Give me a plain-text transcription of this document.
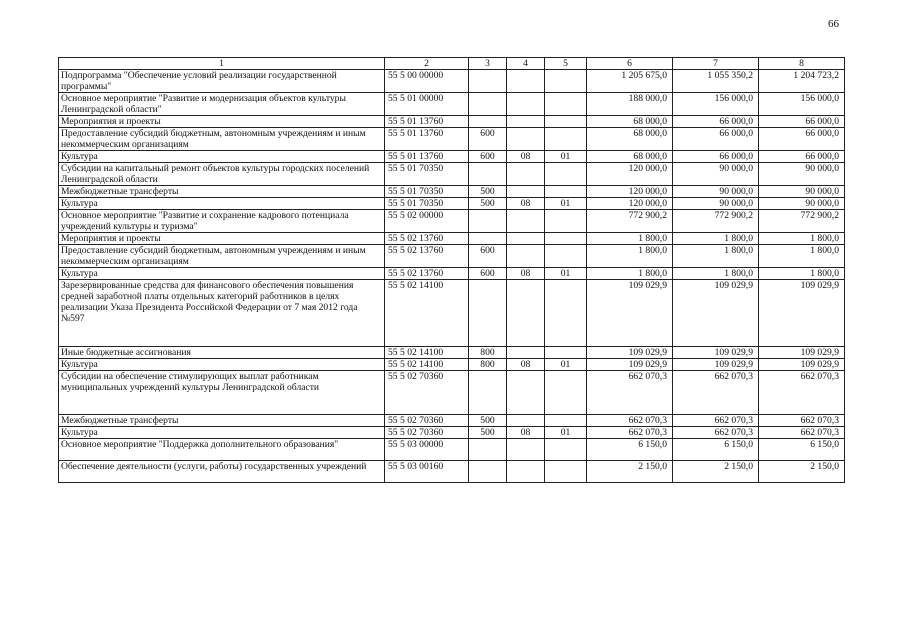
66
1	2	3	4	5	6	7	8
Подпрограмма "Обеспечение условий реализации государственной программы"	55 5 00 00000				1 205 675,0	1 055 350,2	1 204 723,2
Основное мероприятие "Развитие и модернизация объектов культуры Ленинградской области"	55 5 01 00000				188 000,0	156 000,0	156 000,0
Мероприятия и проекты	55 5 01 13760				68 000,0	66 000,0	66 000,0
Предоставление субсидий бюджетным, автономным учреждениям и иным некоммерческим организациям	55 5 01 13760	600			68 000,0	66 000,0	66 000,0
Культура	55 5 01 13760	600	08	01	68 000,0	66 000,0	66 000,0
Субсидии на капитальный ремонт объектов культуры городских поселений Ленинградской области	55 5 01 70350				120 000,0	90 000,0	90 000,0
Межбюджетные трансферты	55 5 01 70350	500			120 000,0	90 000,0	90 000,0
Культура	55 5 01 70350	500	08	01	120 000,0	90 000,0	90 000,0
Основное мероприятие "Развитие и сохранение кадрового потенциала учреждений культуры и туризма"	55 5 02 00000				772 900,2	772 900,2	772 900,2
Мероприятия и проекты	55 5 02 13760				1 800,0	1 800,0	1 800,0
Предоставление субсидий бюджетным, автономным учреждениям и иным некоммерческим организациям	55 5 02 13760	600			1 800,0	1 800,0	1 800,0
Культура	55 5 02 13760	600	08	01	1 800,0	1 800,0	1 800,0
Зарезервированные средства для финансового обеспечения повышения средней заработной платы отдельных категорий работников в целях реализации Указа Президента Российской Федерации от 7 мая 2012 года №597	55 5 02 14100				109 029,9	109 029,9	109 029,9
Иные бюджетные ассигнования	55 5 02 14100	800			109 029,9	109 029,9	109 029,9
Культура	55 5 02 14100	800	08	01	109 029,9	109 029,9	109 029,9
Субсидии на обеспечение стимулирующих выплат работникам муниципальных учреждений культуры Ленинградской области	55 5 02 70360				662 070,3	662 070,3	662 070,3
Межбюджетные трансферты	55 5 02 70360	500			662 070,3	662 070,3	662 070,3
Культура	55 5 02 70360	500	08	01	662 070,3	662 070,3	662 070,3
Основное мероприятие "Поддержка дополнительного образования"	55 5 03 00000				6 150,0	6 150,0	6 150,0
Обеспечение деятельности (услуги, работы) государственных учреждений	55 5 03 00160				2 150,0	2 150,0	2 150,0
